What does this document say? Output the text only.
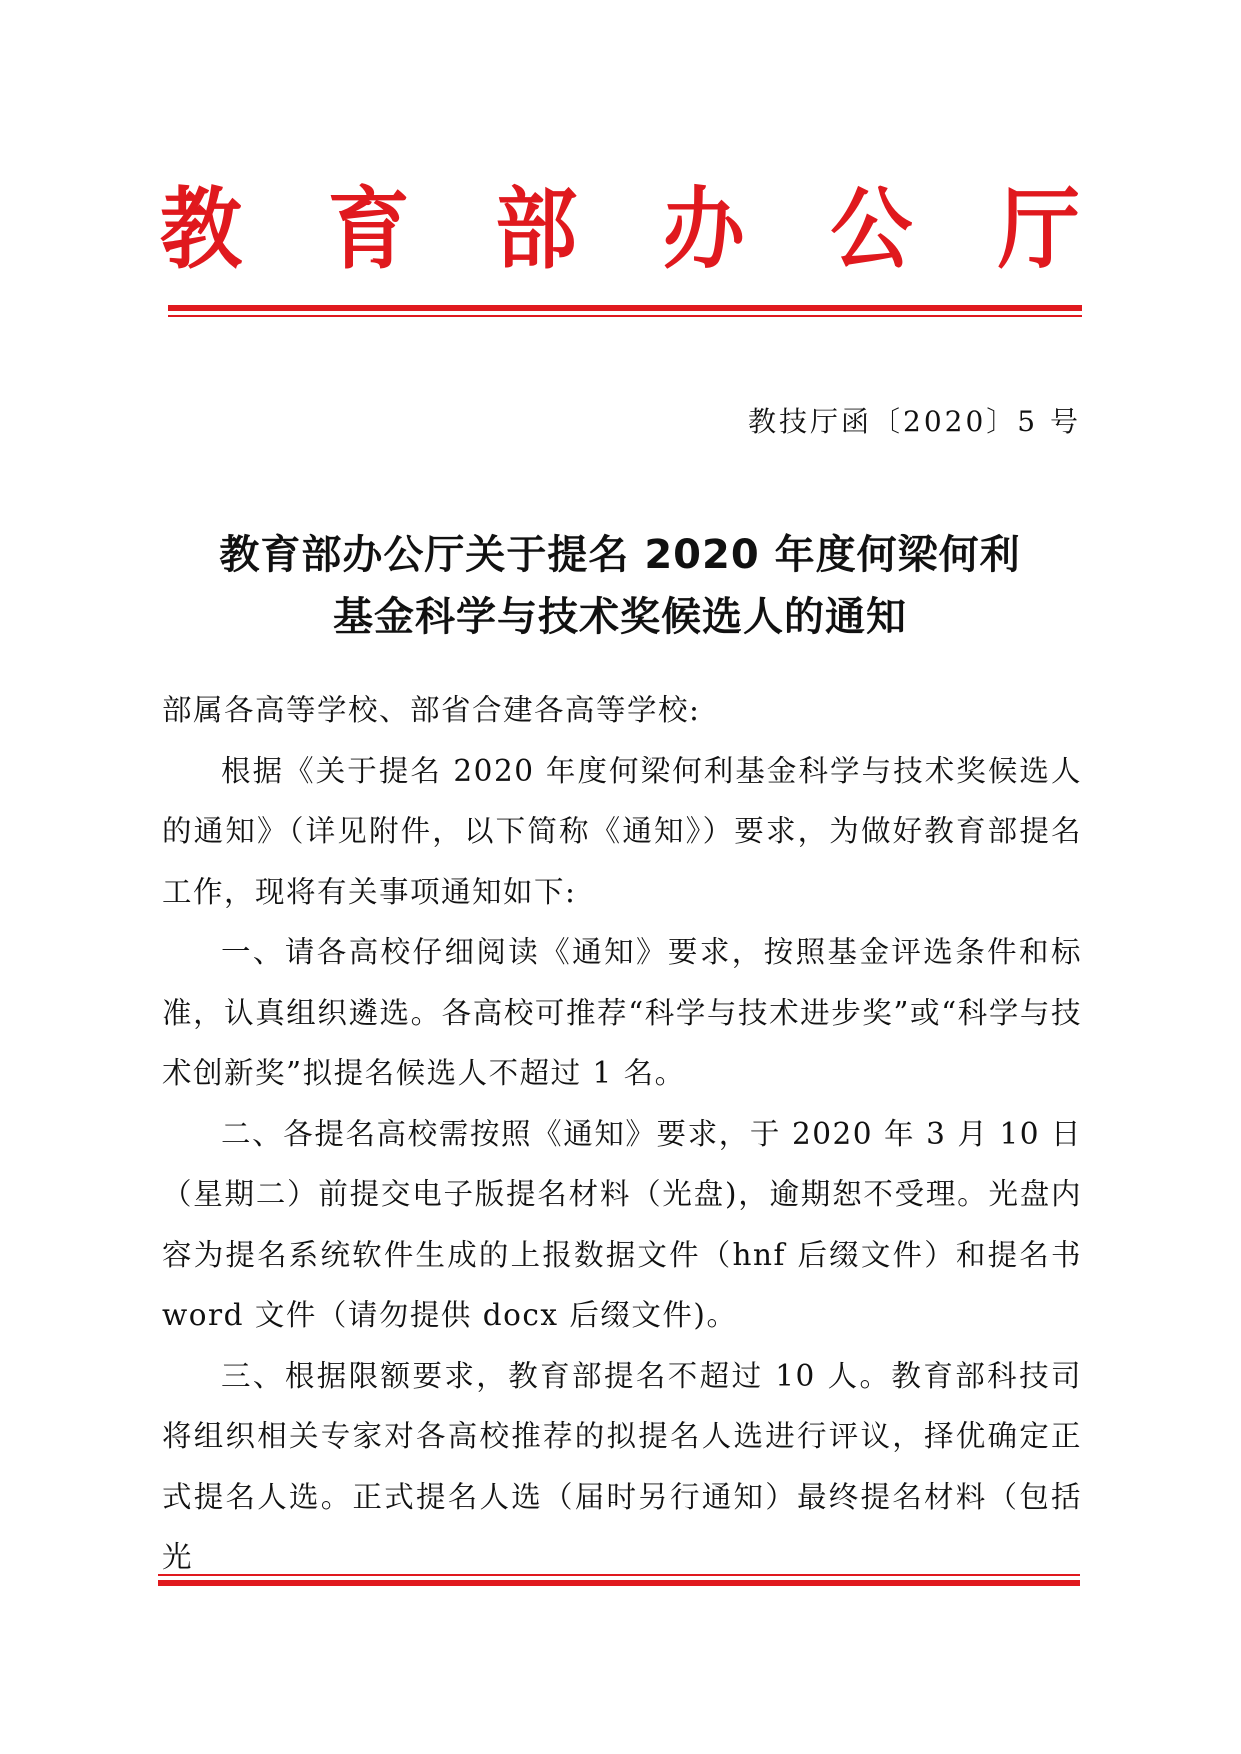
教 育 部 办 公 厅
教技厅函〔2020〕5 号
教育部办公厅关于提名 2020 年度何梁何利
基金科学与技术奖候选人的通知

部属各高等学校、部省合建各高等学校:

根据《关于提名 2020 年度何梁何利基金科学与技术奖候选人的通知》（详见附件，以下简称《通知》）要求，为做好教育部提名工作，现将有关事项通知如下:

一、请各高校仔细阅读《通知》要求，按照基金评选条件和标准，认真组织遴选。各高校可推荐“科学与技术进步奖”或“科学与技术创新奖”拟提名候选人不超过 1 名。

二、各提名高校需按照《通知》要求，于 2020 年 3 月 10 日（星期二）前提交电子版提名材料（光盘)，逾期恕不受理。光盘内容为提名系统软件生成的上报数据文件（hnf 后缀文件）和提名书 word 文件（请勿提供 docx 后缀文件)。

三、根据限额要求，教育部提名不超过 10 人。教育部科技司将组织相关专家对各高校推荐的拟提名人选进行评议，择优确定正式提名人选。正式提名人选（届时另行通知）最终提名材料（包括光
